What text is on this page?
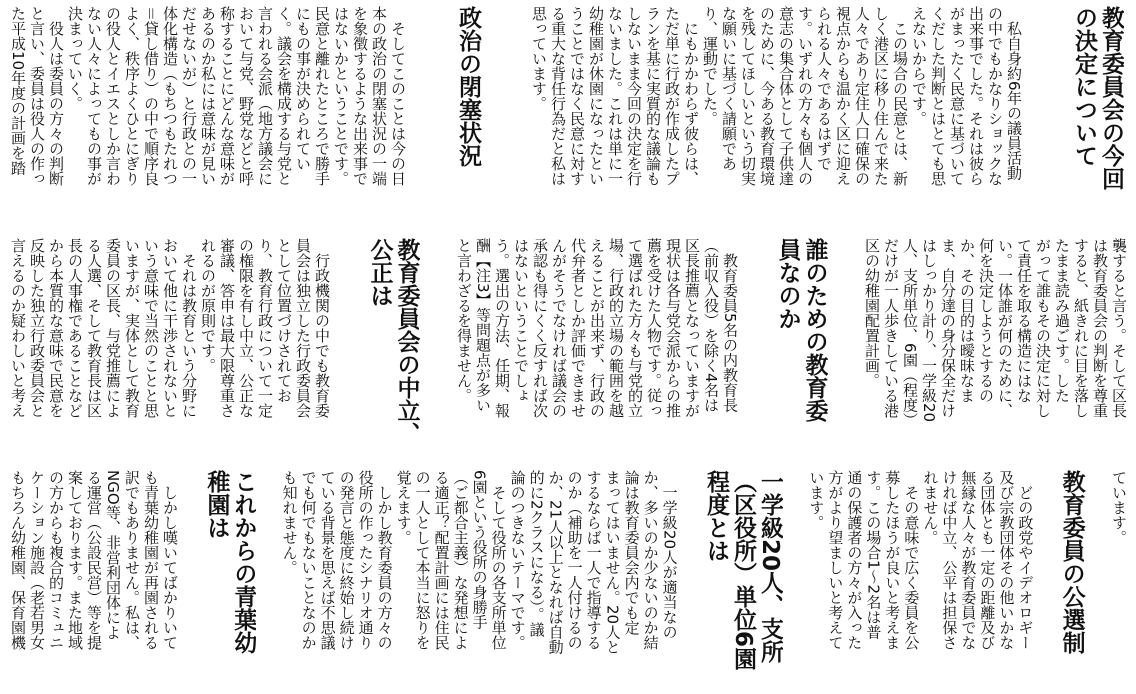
教育委員会の今回
の決定について
　私自身約6年の議員活動
の中でもかなりショックな
出来事でした。それは彼ら
がまったく民意に基づいて
くだした判断とはとても思
えないからです。
　この場合の民意とは、新
しく港区に移り住んで来た
人々であり定住人口確保の
視点からも温かく区に迎え
られる人々であるはずで
す。いずれの方々も個人の
意志の集合体として子供達
のために、今ある教育環境
を残してほしいという切実
な願いに基づく請願であ
り、運動でした。
　にもかかわらず彼らは、
ただ単に行政が作成したプ
ランを基に実質的な議論も
しないまま今回の決定を行
ないました。これは単に一
幼稚園が休園になったとい
うことではなく民意に対す
る重大な背任行為だと私は
思っています。
政治の閉塞状況
　そしてこのことは今の日
本の政治の閉塞状況の一端
を象徴するような出来事で
はないかということです。
民意と離れたところで勝手
にもの事が決められてい
く。議会を構成する与党と
言われる会派（地方議会に
おいて与党、野党などと呼
称することにどんな意味が
あるのか私には意味が見い
だせないが）と行政との一
体化構造（もちつもたれつ
＝貸し借り）の中で順序良
よく、秩序よくひとにぎり
の役人とイエスとしか言わ
ない人々によってもの事が
決まっていく。
　役人は委員の方々の判断
と言い、委員は役人の作っ
た平成10年度の計画を踏
襲すると言う。そして区長
は教育委員会の判断を尊重
すると、紙きれに目を落し
たまま読み過ごす。した
がって誰もその決定に対し
て責任を取る構造にはな
い。一体誰が何のために、
何を決定しようとするの
か、その目的は曖昧なま
ま、自分達の身分保全だけ
はしっかり計り、一学級20
人、支所単位、6園（程度）
だけが一人歩きしている港
区の幼稚園配置計画。
誰のための教育委
員なのか
　教育委員5名の内教育長
（前収入役）を除く4名は
区長推薦となっていますが
現状は各与党会派からの推
薦を受けた人物です。従っ
て選ばれた方々も与党的立
場、行政的立場の範囲を越
えることが出来ず、行政の
代弁者としか評価できませ
んがそうでなければ議会の
承認も得にくく反すれば次
はないということでしょ
う。選出の方法、任期、報
酬【注3】等問題点が多い
と言わざるを得ません。
教育委員会の中立、
公正は
　行政機関の中でも教育委
員会は独立した行政委員会
として位置づけされてお
り、教育行政について一定
の権限を有し中立、公正な
審議、答申は最大限尊重さ
れるのが原則です。
　それは教育という分野に
おいて他に干渉されないと
いう意味で当然のことと思
いますが、実体として教育
委員の区長、与党推薦によ
る人選、そして教育長は区
長の人事権であることなど
から本質的な意味で民意を
反映した独立行政委員会と
言えるのか疑わしいと考え
ています。
教育委員の公選制
　どの政党やイデオロギー
及び宗教団体その他いかな
る団体とも一定の距離及び
無縁な人々が教育委員でな
ければ中立、公平は担保さ
れません。
　その意味で広く委員を公
募したほうが良いと考えま
す。この場合1～2名は普
通の保護者の方々が入った
方がより望ましいと考えて
います。
一学級20人、支所
（区役所）単位6園
程度とは
　一学級20人が適当なの
か、多いのか少ないのか結
論は教育委員会内でも定
まってはいません。20人と
するならば一人で指導する
のか（補助を一人付けるの
か、21人以上となれば自動
的に2クラスになる）。議
論のつきないテーマです。
　そして役所の各支所単位
6園という役所の身勝手
（ご都合主義）な発想によ
る適正？配置計画には住民
の一人として本当に怒りを
覚えます。
　しかし教育委員の方々の
役所の作ったシナリオ通り
の発言と態度に終始し続け
ている背景を思えば不思議
でも何でもないことなのか
も知れません。
これからの青葉幼
稚園は
　しかし嘆いてばかりいて
も青葉幼稚園が再園される
訳でもありません。私は、
NGO等、非営利団体によ
る運営（公設民営）等を提
案しております。また地域
の方からも複合的コミュニ
ケーション施設（老若男女
もちろん幼稚園、保育園機
